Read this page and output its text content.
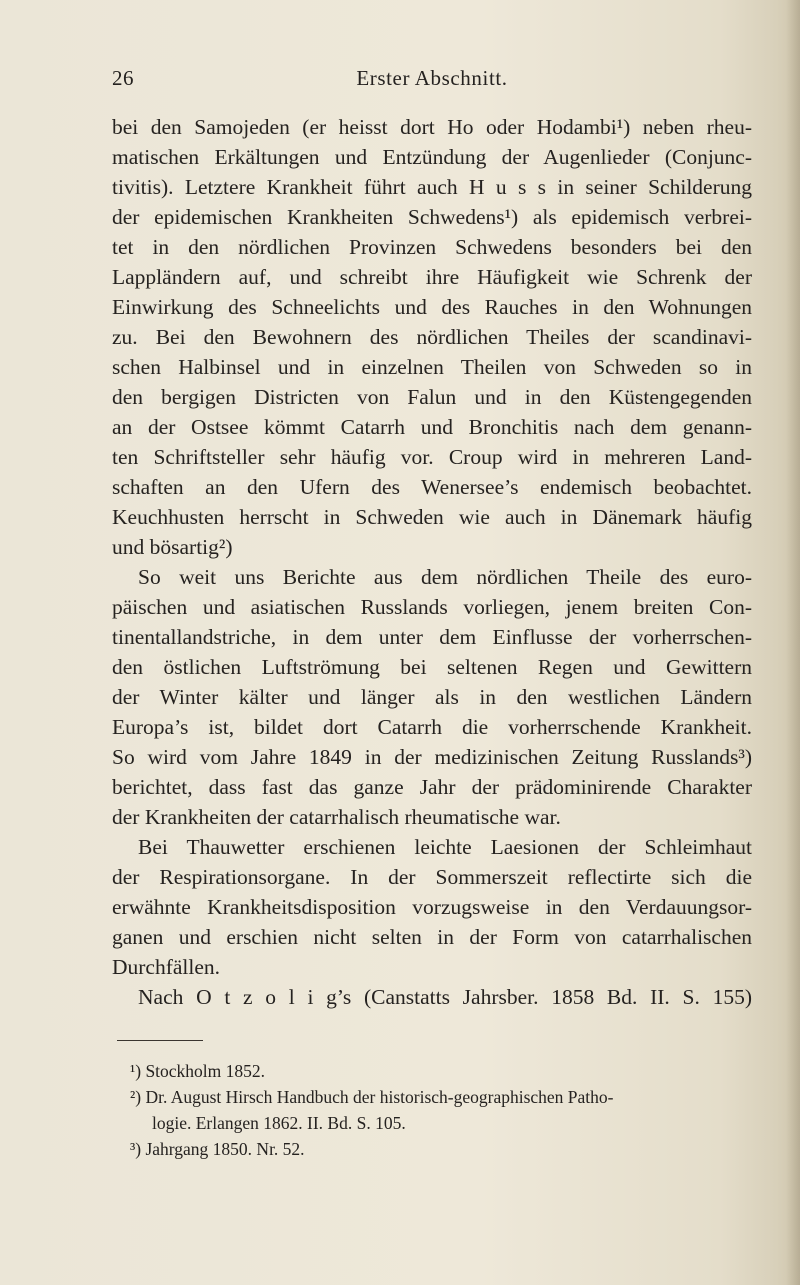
26	Erster Abschnitt.
bei den Samojeden (er heisst dort Ho oder Hodambi¹) neben rheu-
matischen Erkältungen und Entzündung der Augenlieder (Conjunc-
tivitis). Letztere Krankheit führt auch H u s s in seiner Schilderung
der epidemischen Krankheiten Schwedens¹) als epidemisch verbrei-
tet in den nördlichen Provinzen Schwedens besonders bei den
Lappländern auf, und schreibt ihre Häufigkeit wie Schrenk der
Einwirkung des Schneelichts und des Rauches in den Wohnungen
zu. Bei den Bewohnern des nördlichen Theiles der scandinavi-
schen Halbinsel und in einzelnen Theilen von Schweden so in
den bergigen Districten von Falun und in den Küstengegenden
an der Ostsee kömmt Catarrh und Bronchitis nach dem genann-
ten Schriftsteller sehr häufig vor. Croup wird in mehreren Land-
schaften an den Ufern des Wenersee’s endemisch beobachtet.
Keuchhusten herrscht in Schweden wie auch in Dänemark häufig
und bösartig²)
So weit uns Berichte aus dem nördlichen Theile des euro-
päischen und asiatischen Russlands vorliegen, jenem breiten Con-
tinentallandstriche, in dem unter dem Einflusse der vorherrschen-
den östlichen Luftströmung bei seltenen Regen und Gewittern
der Winter kälter und länger als in den westlichen Ländern
Europa’s ist, bildet dort Catarrh die vorherrschende Krankheit.
So wird vom Jahre 1849 in der medizinischen Zeitung Russlands³)
berichtet, dass fast das ganze Jahr der prädominirende Charakter
der Krankheiten der catarrhalisch rheumatische war.
Bei Thauwetter erschienen leichte Laesionen der Schleimhaut
der Respirationsorgane. In der Sommerszeit reflectirte sich die
erwähnte Krankheitsdisposition vorzugsweise in den Verdauungsor-
ganen und erschien nicht selten in der Form von catarrhalischen
Durchfällen.
Nach O t z o l i g’s (Canstatts Jahrsber. 1858 Bd. II. S. 155)
¹) Stockholm 1852.
²) Dr. August Hirsch Handbuch der historisch-geographischen Patho-
logie. Erlangen 1862. II. Bd. S. 105.
³) Jahrgang 1850. Nr. 52.
